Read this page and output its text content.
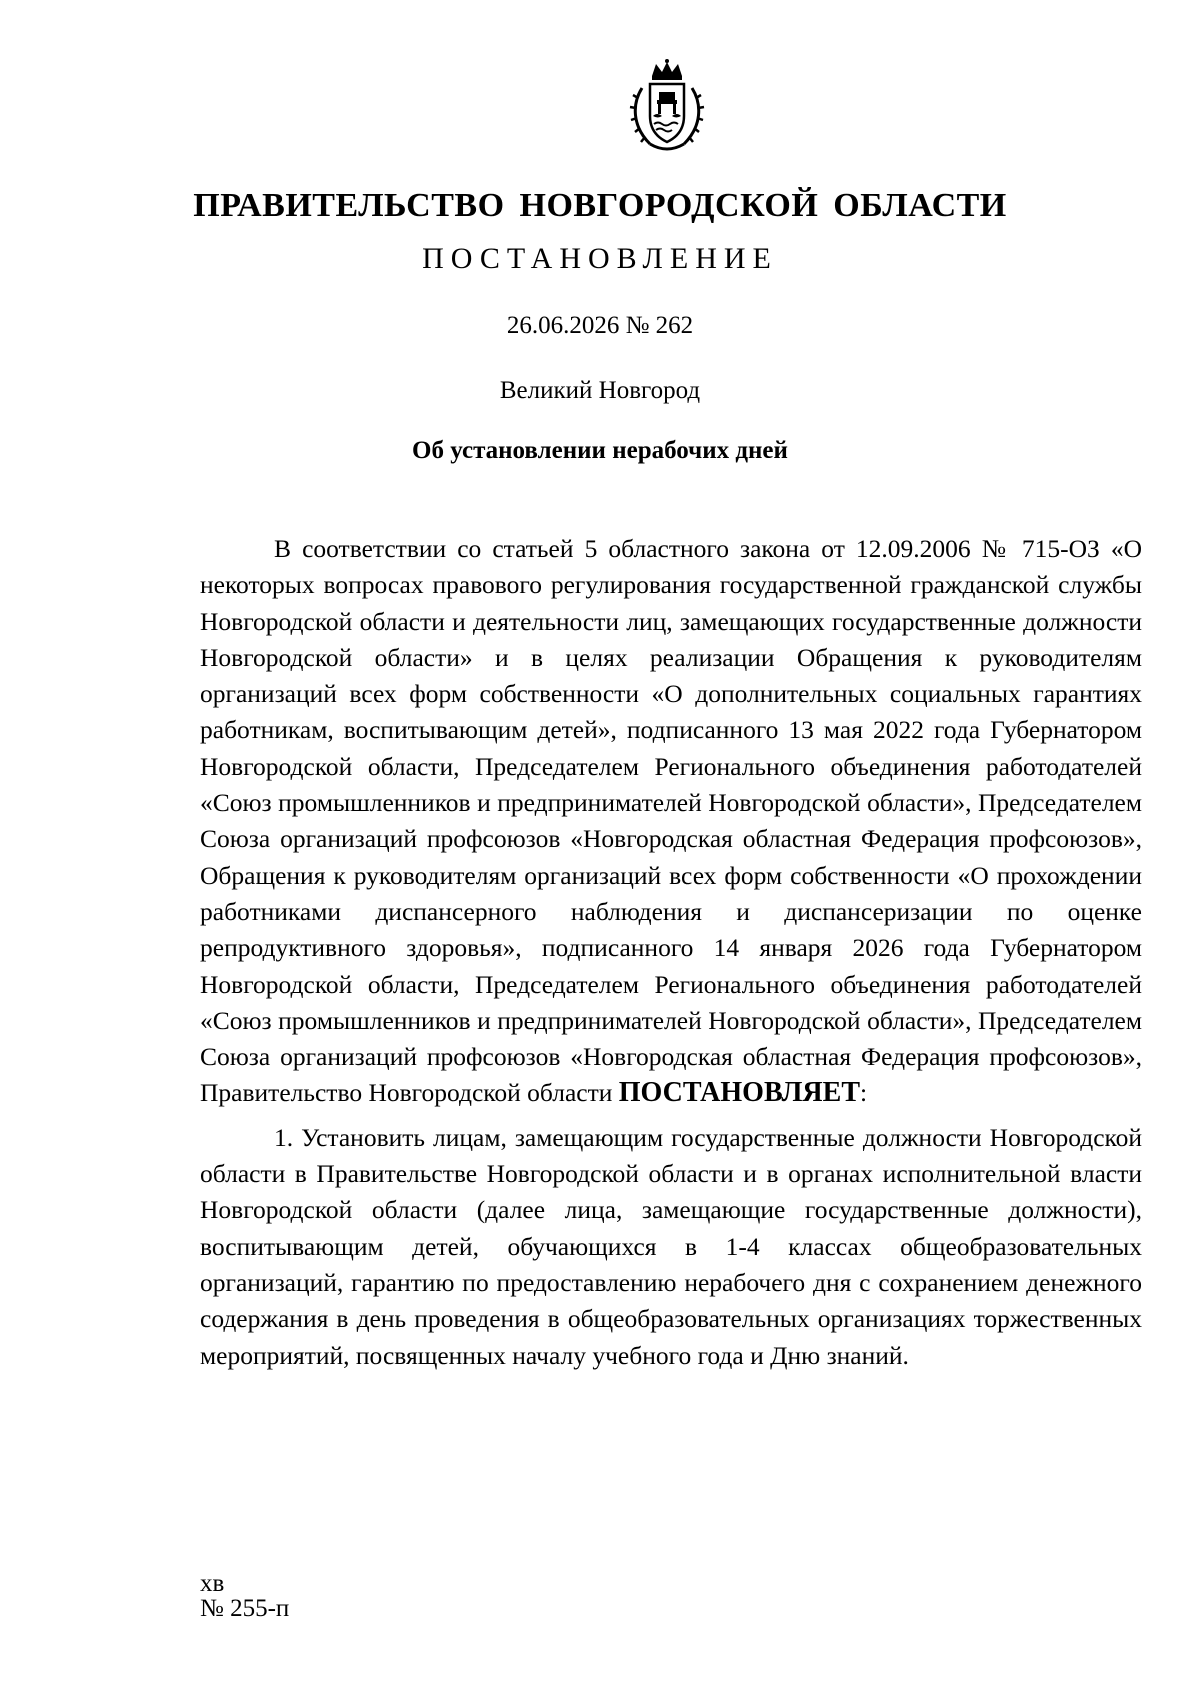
ПРАВИТЕЛЬСТВО НОВГОРОДСКОЙ ОБЛАСТИ
ПОСТАНОВЛЕНИЕ
26.06.2026 № 262
Великий Новгород
Об установлении нерабочих дней

В соответствии со статьей 5 областного закона от 12.09.2006 № 715-ОЗ «О некоторых вопросах правового регулирования государственной гражданской службы Новгородской области и деятельности лиц, замещающих государственные должности Новгородской области» и в целях реализации Обращения к руководителям организаций всех форм собственности «О дополнительных социальных гарантиях работникам, воспитывающим детей», подписанного 13 мая 2022 года Губернатором Новгородской области, Председателем Регионального объединения работодателей «Союз промышленников и предпринимателей Новгородской области», Председателем Союза организаций профсоюзов «Новгородская областная Федерация профсоюзов», Обращения к руководителям организаций всех форм собственности «О прохождении работниками диспансерного наблюдения и диспансеризации по оценке репродуктивного здоровья», подписанного 14 января 2026 года Губернатором Новгородской области, Председателем Регионального объединения работодателей «Союз промышленников и предпринимателей Новгородской области», Председателем Союза организаций профсоюзов «Новгородская областная Федерация профсоюзов», Правительство Новгородской области ПОСТАНОВЛЯЕТ:

1. Установить лицам, замещающим государственные должности Новгородской области в Правительстве Новгородской области и в органах исполнительной власти Новгородской области (далее лица, замещающие государственные должности), воспитывающим детей, обучающихся в 1-4 классах общеобразовательных организаций, гарантию по предоставлению нерабочего дня с сохранением денежного содержания в день проведения в общеобразовательных организациях торжественных мероприятий, посвященных началу учебного года и Дню знаний.

хв
№ 255-п
